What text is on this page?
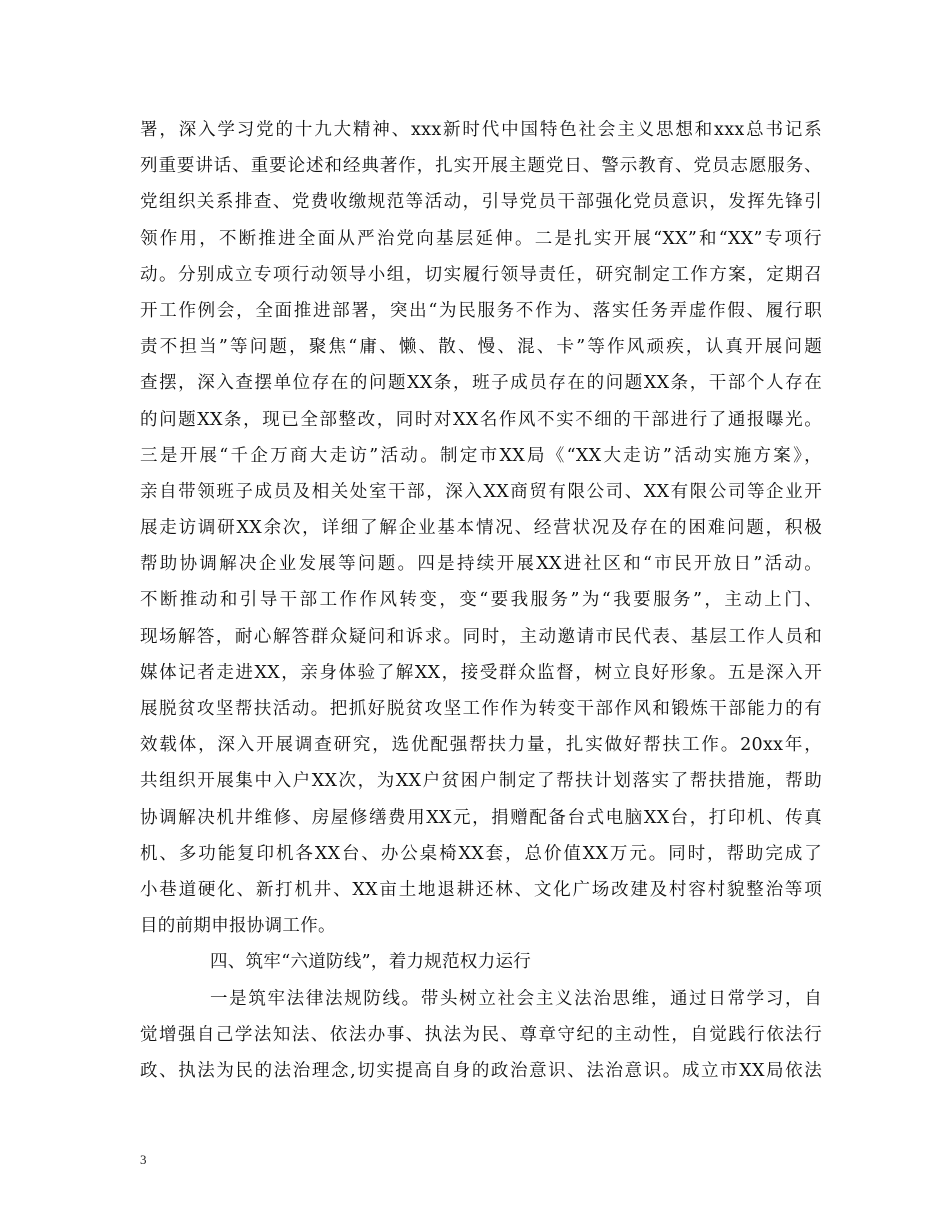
署，深入学习党的十九大精神、xxx新时代中国特色社会主义思想和xxx总书记系
列重要讲话、重要论述和经典著作，扎实开展主题党日、警示教育、党员志愿服务、
党组织关系排查、党费收缴规范等活动，引导党员干部强化党员意识，发挥先锋引
领作用，不断推进全面从严治党向基层延伸。二是扎实开展“XX”和“XX”专项行
动。分别成立专项行动领导小组，切实履行领导责任，研究制定工作方案，定期召
开工作例会，全面推进部署，突出“为民服务不作为、落实任务弄虚作假、履行职
责不担当”等问题，聚焦“庸、懒、散、慢、混、卡”等作风顽疾，认真开展问题
查摆，深入查摆单位存在的问题XX条，班子成员存在的问题XX条，干部个人存在
的问题XX条，现已全部整改，同时对XX名作风不实不细的干部进行了通报曝光。
三是开展“千企万商大走访”活动。制定市XX局《“XX大走访”活动实施方案》，
亲自带领班子成员及相关处室干部，深入XX商贸有限公司、XX有限公司等企业开
展走访调研XX余次，详细了解企业基本情况、经营状况及存在的困难问题，积极
帮助协调解决企业发展等问题。四是持续开展XX进社区和“市民开放日”活动。
不断推动和引导干部工作作风转变，变“要我服务”为“我要服务”，主动上门、
现场解答，耐心解答群众疑问和诉求。同时，主动邀请市民代表、基层工作人员和
媒体记者走进XX，亲身体验了解XX，接受群众监督，树立良好形象。五是深入开
展脱贫攻坚帮扶活动。把抓好脱贫攻坚工作作为转变干部作风和锻炼干部能力的有
效载体，深入开展调查研究，选优配强帮扶力量，扎实做好帮扶工作。20xx年，
共组织开展集中入户XX次，为XX户贫困户制定了帮扶计划落实了帮扶措施，帮助
协调解决机井维修、房屋修缮费用XX元，捐赠配备台式电脑XX台，打印机、传真
机、多功能复印机各XX台、办公桌椅XX套，总价值XX万元。同时，帮助完成了
小巷道硬化、新打机井、XX亩土地退耕还林、文化广场改建及村容村貌整治等项
目的前期申报协调工作。
四、筑牢“六道防线”，着力规范权力运行
一是筑牢法律法规防线。带头树立社会主义法治思维，通过日常学习，自
觉增强自己学法知法、依法办事、执法为民、尊章守纪的主动性，自觉践行依法行
政、执法为民的法治理念,切实提高自身的政治意识、法治意识。成立市XX局依法
3
